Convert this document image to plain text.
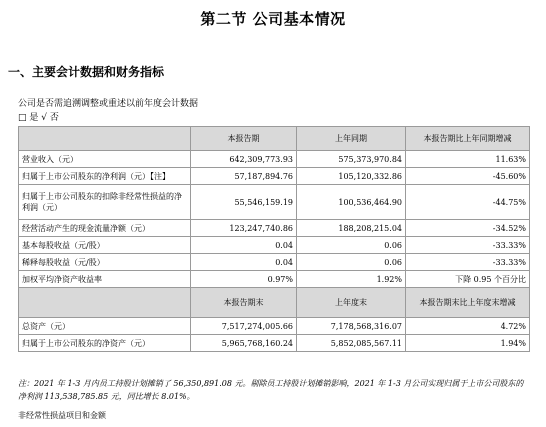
第二节 公司基本情况
一、主要会计数据和财务指标
公司是否需追溯调整或重述以前年度会计数据
□ 是 √ 否
	本报告期	上年同期	本报告期比上年同期增减
营业收入（元）	642,309,773.93	575,373,970.84	11.63%
归属于上市公司股东的净利润（元）【注】	57,187,894.76	105,120,332.86	-45.60%
归属于上市公司股东的扣除非经常性损益的净利润（元）	55,546,159.19	100,536,464.90	-44.75%
经营活动产生的现金流量净额（元）	123,247,740.86	188,208,215.04	-34.52%
基本每股收益（元/股）	0.04	0.06	-33.33%
稀释每股收益（元/股）	0.04	0.06	-33.33%
加权平均净资产收益率	0.97%	1.92%	下降 0.95 个百分比
	本报告期末	上年度末	本报告期末比上年度末增减
总资产（元）	7,517,274,005.66	7,178,568,316.07	4.72%
归属于上市公司股东的净资产（元）	5,965,768,160.24	5,852,085,567.11	1.94%
注：2021 年 1-3 月内员工持股计划摊销了 56,350,891.08 元。剔除员工持股计划摊销影响，2021 年 1-3 月公司实现归属于上市公司股东的净利润 113,538,785.85 元，同比增长 8.01%。
非经常性损益项目和金额
